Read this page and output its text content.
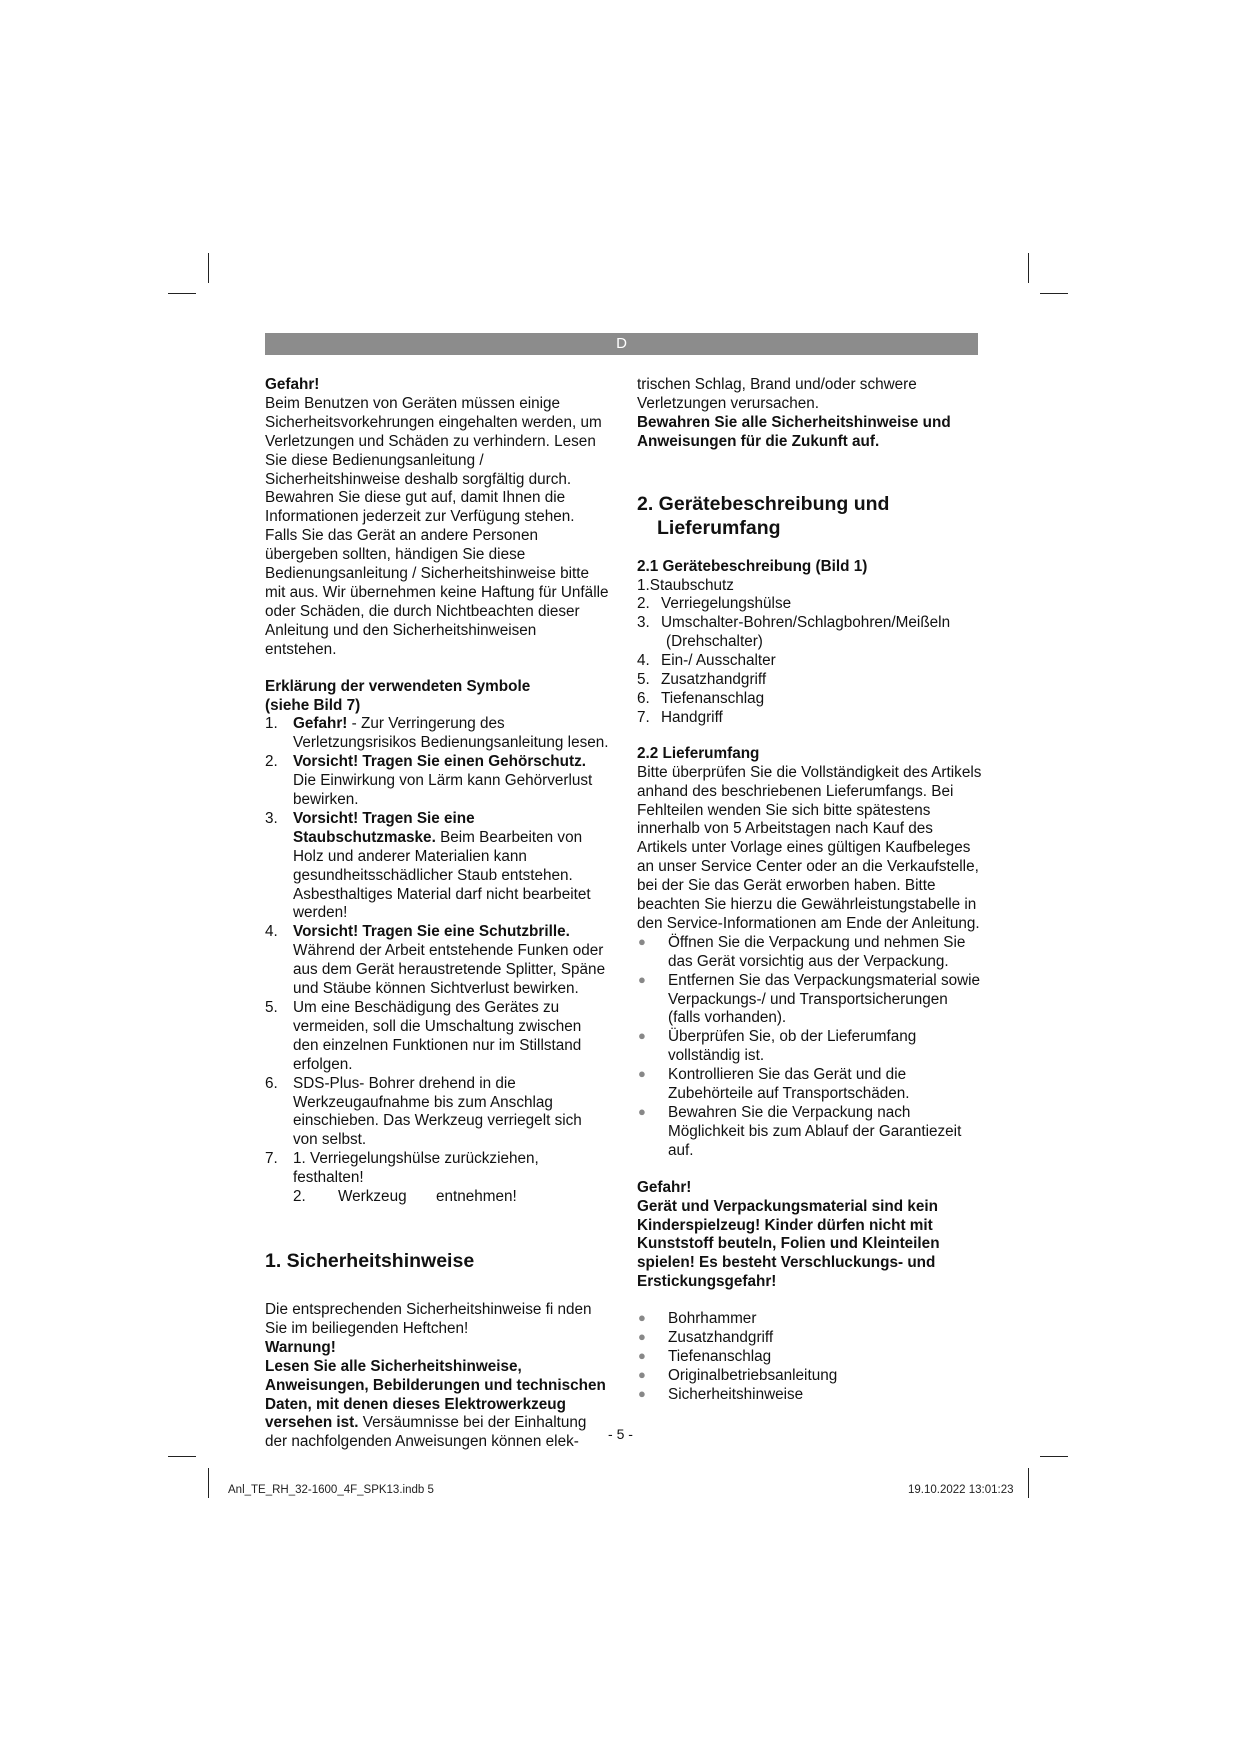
D

Gefahr!

Beim Benutzen von Geräten müssen einige Sicherheitsvorkehrungen eingehalten werden, um Verletzungen und Schäden zu verhindern. Lesen Sie diese Bedienungsanleitung / Sicherheitshinweise deshalb sorgfältig durch. Bewahren Sie diese gut auf, damit Ihnen die Informationen jederzeit zur Verfügung stehen. Falls Sie das Gerät an andere Personen übergeben sollten, händigen Sie diese Bedienungsanleitung / Sicherheitshinweise bitte mit aus. Wir übernehmen keine Haftung für Unfälle oder Schäden, die durch Nichtbeachten dieser Anleitung und den Sicherheitshinweisen entstehen.

Erklärung der verwendeten Symbole

(siehe Bild 7)

1. Gefahr! - Zur Verringerung des Verletzungsrisikos Bedienungsanleitung lesen.
2. Vorsicht! Tragen Sie einen Gehörschutz. Die Einwirkung von Lärm kann Gehörverlust bewirken.
3. Vorsicht! Tragen Sie eine Staubschutzmaske. Beim Bearbeiten von Holz und anderer Materialien kann gesundheitsschädlicher Staub entstehen. Asbesthaltiges Material darf nicht bearbeitet werden!
4. Vorsicht! Tragen Sie eine Schutzbrille. Während der Arbeit entstehende Funken oder aus dem Gerät heraustretende Splitter, Späne und Stäube können Sichtverlust bewirken.
5. Um eine Beschädigung des Gerätes zu vermeiden, soll die Umschaltung zwischen den einzelnen Funktionen nur im Stillstand erfolgen.
6. SDS-Plus- Bohrer drehend in die Werkzeugaufnahme bis zum Anschlag einschieben. Das Werkzeug verriegelt sich von selbst.
7. 1. Verriegelungshülse zurückziehen, festhalten!

2. Werkzeug entnehmen!

1. Sicherheitshinweise

Die entsprechenden Sicherheitshinweise fi nden Sie im beiliegenden Heftchen!

Warnung!

Lesen Sie alle Sicherheitshinweise, Anweisungen, Bebilderungen und technischen Daten, mit denen dieses Elektrowerkzeug versehen ist. Versäumnisse bei der Einhaltung der nachfolgenden Anweisungen können elek-

trischen Schlag, Brand und/oder schwere Verletzungen verursachen.

Bewahren Sie alle Sicherheitshinweise und Anweisungen für die Zukunft auf.

2. Gerätebeschreibung und
Lieferumfang

2.1 Gerätebeschreibung (Bild 1)

1.Staubschutz
2. Verriegelungshülse
3. Umschalter-Bohren/Schlagbohren/Meißeln
(Drehschalter)
4. Ein-/ Ausschalter
5. Zusatzhandgriff
6. Tiefenanschlag
7. Handgriff

2.2 Lieferumfang

Bitte überprüfen Sie die Vollständigkeit des Artikels anhand des beschriebenen Lieferumfangs. Bei Fehlteilen wenden Sie sich bitte spätestens innerhalb von 5 Arbeitstagen nach Kauf des Artikels unter Vorlage eines gültigen Kaufbeleges an unser Service Center oder an die Verkaufstelle, bei der Sie das Gerät erworben haben. Bitte beachten Sie hierzu die Gewährleistungstabelle in den Service-Informationen am Ende der Anleitung.

● Öffnen Sie die Verpackung und nehmen Sie das Gerät vorsichtig aus der Verpackung.
● Entfernen Sie das Verpackungsmaterial sowie Verpackungs-/ und Transportsicherungen (falls vorhanden).
● Überprüfen Sie, ob der Lieferumfang vollständig ist.
● Kontrollieren Sie das Gerät und die Zubehörteile auf Transportschäden.
● Bewahren Sie die Verpackung nach Möglichkeit bis zum Ablauf der Garantiezeit auf.

Gefahr!

Gerät und Verpackungsmaterial sind kein Kinderspielzeug! Kinder dürfen nicht mit Kunststoff beuteln, Folien und Kleinteilen spielen! Es besteht Verschluckungs- und Erstickungsgefahr!

● Bohrhammer
● Zusatzhandgriff
● Tiefenanschlag
● Originalbetriebsanleitung
● Sicherheitshinweise
- 5 -
Anl_TE_RH_32-1600_4F_SPK13.indb 5	19.10.2022 13:01:23
